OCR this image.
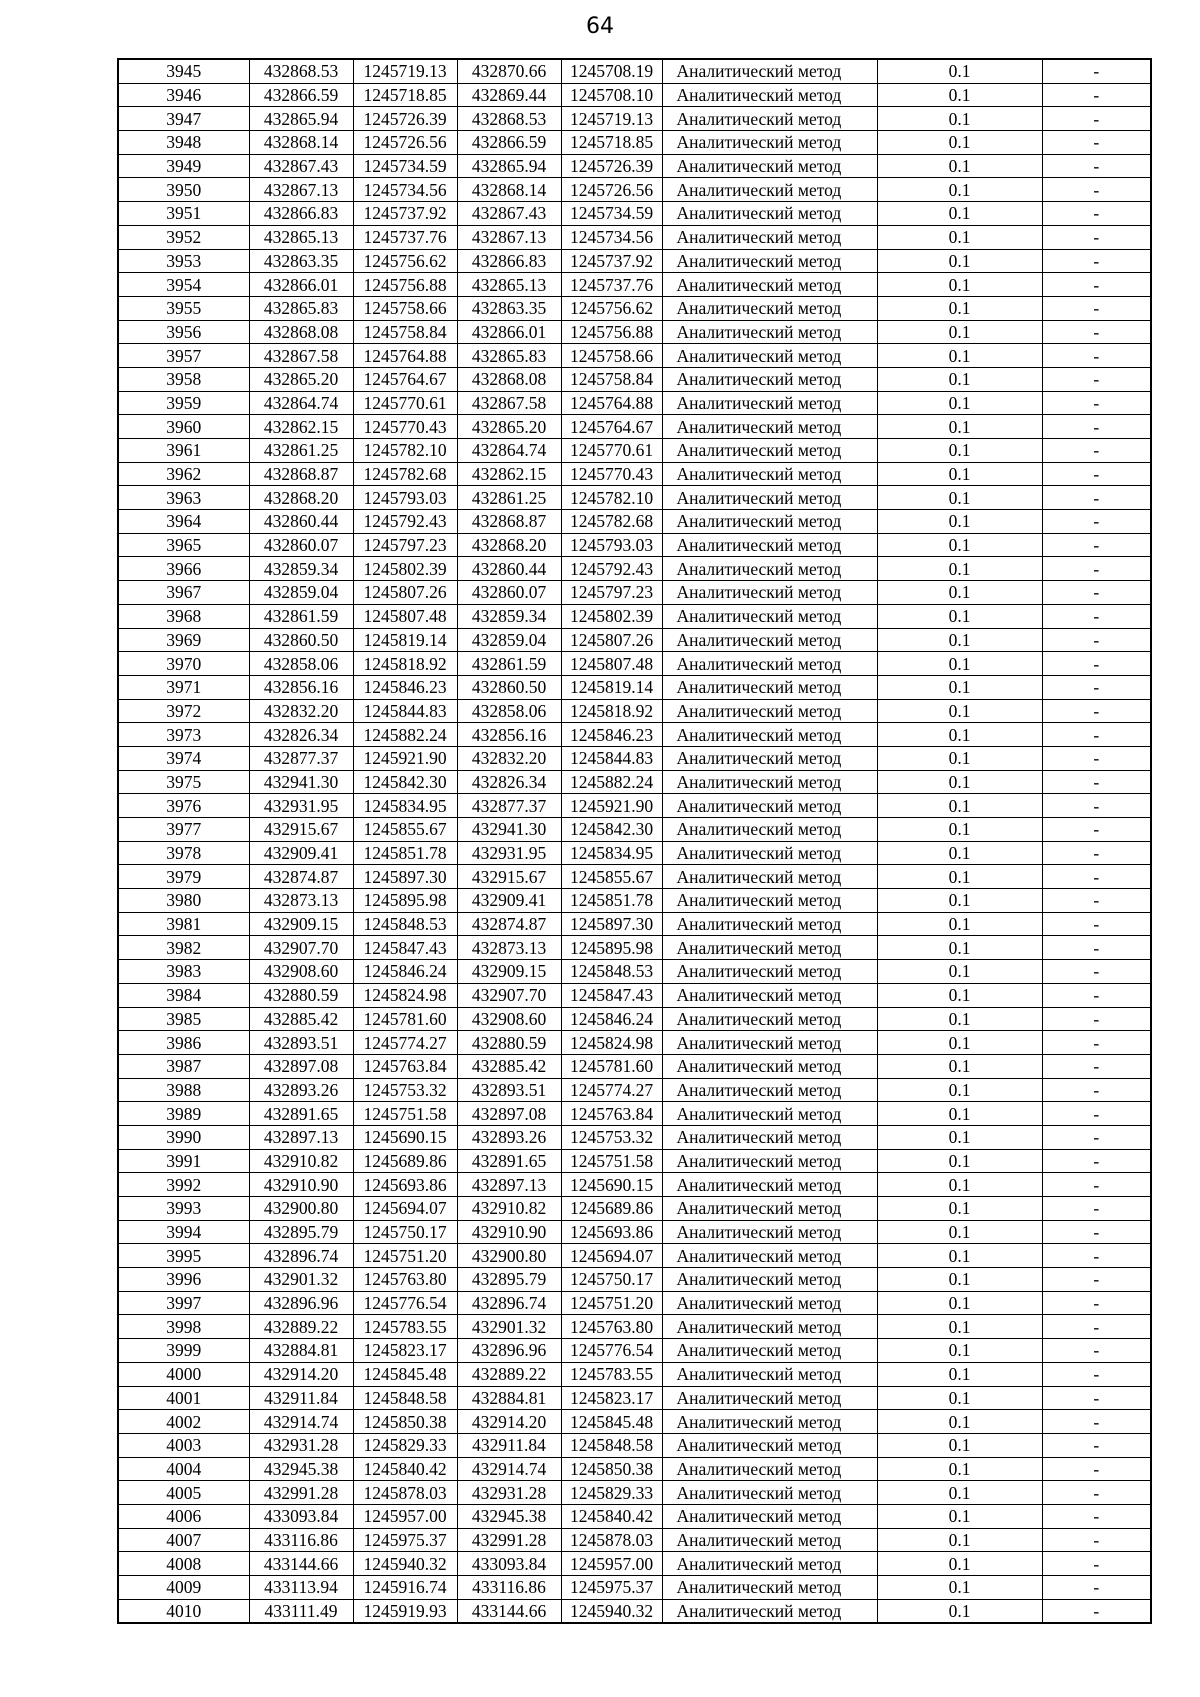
64
3945	432868.53	1245719.13	432870.66	1245708.19	Аналитический метод	0.1	-
3946	432866.59	1245718.85	432869.44	1245708.10	Аналитический метод	0.1	-
3947	432865.94	1245726.39	432868.53	1245719.13	Аналитический метод	0.1	-
3948	432868.14	1245726.56	432866.59	1245718.85	Аналитический метод	0.1	-
3949	432867.43	1245734.59	432865.94	1245726.39	Аналитический метод	0.1	-
3950	432867.13	1245734.56	432868.14	1245726.56	Аналитический метод	0.1	-
3951	432866.83	1245737.92	432867.43	1245734.59	Аналитический метод	0.1	-
3952	432865.13	1245737.76	432867.13	1245734.56	Аналитический метод	0.1	-
3953	432863.35	1245756.62	432866.83	1245737.92	Аналитический метод	0.1	-
3954	432866.01	1245756.88	432865.13	1245737.76	Аналитический метод	0.1	-
3955	432865.83	1245758.66	432863.35	1245756.62	Аналитический метод	0.1	-
3956	432868.08	1245758.84	432866.01	1245756.88	Аналитический метод	0.1	-
3957	432867.58	1245764.88	432865.83	1245758.66	Аналитический метод	0.1	-
3958	432865.20	1245764.67	432868.08	1245758.84	Аналитический метод	0.1	-
3959	432864.74	1245770.61	432867.58	1245764.88	Аналитический метод	0.1	-
3960	432862.15	1245770.43	432865.20	1245764.67	Аналитический метод	0.1	-
3961	432861.25	1245782.10	432864.74	1245770.61	Аналитический метод	0.1	-
3962	432868.87	1245782.68	432862.15	1245770.43	Аналитический метод	0.1	-
3963	432868.20	1245793.03	432861.25	1245782.10	Аналитический метод	0.1	-
3964	432860.44	1245792.43	432868.87	1245782.68	Аналитический метод	0.1	-
3965	432860.07	1245797.23	432868.20	1245793.03	Аналитический метод	0.1	-
3966	432859.34	1245802.39	432860.44	1245792.43	Аналитический метод	0.1	-
3967	432859.04	1245807.26	432860.07	1245797.23	Аналитический метод	0.1	-
3968	432861.59	1245807.48	432859.34	1245802.39	Аналитический метод	0.1	-
3969	432860.50	1245819.14	432859.04	1245807.26	Аналитический метод	0.1	-
3970	432858.06	1245818.92	432861.59	1245807.48	Аналитический метод	0.1	-
3971	432856.16	1245846.23	432860.50	1245819.14	Аналитический метод	0.1	-
3972	432832.20	1245844.83	432858.06	1245818.92	Аналитический метод	0.1	-
3973	432826.34	1245882.24	432856.16	1245846.23	Аналитический метод	0.1	-
3974	432877.37	1245921.90	432832.20	1245844.83	Аналитический метод	0.1	-
3975	432941.30	1245842.30	432826.34	1245882.24	Аналитический метод	0.1	-
3976	432931.95	1245834.95	432877.37	1245921.90	Аналитический метод	0.1	-
3977	432915.67	1245855.67	432941.30	1245842.30	Аналитический метод	0.1	-
3978	432909.41	1245851.78	432931.95	1245834.95	Аналитический метод	0.1	-
3979	432874.87	1245897.30	432915.67	1245855.67	Аналитический метод	0.1	-
3980	432873.13	1245895.98	432909.41	1245851.78	Аналитический метод	0.1	-
3981	432909.15	1245848.53	432874.87	1245897.30	Аналитический метод	0.1	-
3982	432907.70	1245847.43	432873.13	1245895.98	Аналитический метод	0.1	-
3983	432908.60	1245846.24	432909.15	1245848.53	Аналитический метод	0.1	-
3984	432880.59	1245824.98	432907.70	1245847.43	Аналитический метод	0.1	-
3985	432885.42	1245781.60	432908.60	1245846.24	Аналитический метод	0.1	-
3986	432893.51	1245774.27	432880.59	1245824.98	Аналитический метод	0.1	-
3987	432897.08	1245763.84	432885.42	1245781.60	Аналитический метод	0.1	-
3988	432893.26	1245753.32	432893.51	1245774.27	Аналитический метод	0.1	-
3989	432891.65	1245751.58	432897.08	1245763.84	Аналитический метод	0.1	-
3990	432897.13	1245690.15	432893.26	1245753.32	Аналитический метод	0.1	-
3991	432910.82	1245689.86	432891.65	1245751.58	Аналитический метод	0.1	-
3992	432910.90	1245693.86	432897.13	1245690.15	Аналитический метод	0.1	-
3993	432900.80	1245694.07	432910.82	1245689.86	Аналитический метод	0.1	-
3994	432895.79	1245750.17	432910.90	1245693.86	Аналитический метод	0.1	-
3995	432896.74	1245751.20	432900.80	1245694.07	Аналитический метод	0.1	-
3996	432901.32	1245763.80	432895.79	1245750.17	Аналитический метод	0.1	-
3997	432896.96	1245776.54	432896.74	1245751.20	Аналитический метод	0.1	-
3998	432889.22	1245783.55	432901.32	1245763.80	Аналитический метод	0.1	-
3999	432884.81	1245823.17	432896.96	1245776.54	Аналитический метод	0.1	-
4000	432914.20	1245845.48	432889.22	1245783.55	Аналитический метод	0.1	-
4001	432911.84	1245848.58	432884.81	1245823.17	Аналитический метод	0.1	-
4002	432914.74	1245850.38	432914.20	1245845.48	Аналитический метод	0.1	-
4003	432931.28	1245829.33	432911.84	1245848.58	Аналитический метод	0.1	-
4004	432945.38	1245840.42	432914.74	1245850.38	Аналитический метод	0.1	-
4005	432991.28	1245878.03	432931.28	1245829.33	Аналитический метод	0.1	-
4006	433093.84	1245957.00	432945.38	1245840.42	Аналитический метод	0.1	-
4007	433116.86	1245975.37	432991.28	1245878.03	Аналитический метод	0.1	-
4008	433144.66	1245940.32	433093.84	1245957.00	Аналитический метод	0.1	-
4009	433113.94	1245916.74	433116.86	1245975.37	Аналитический метод	0.1	-
4010	433111.49	1245919.93	433144.66	1245940.32	Аналитический метод	0.1	-
